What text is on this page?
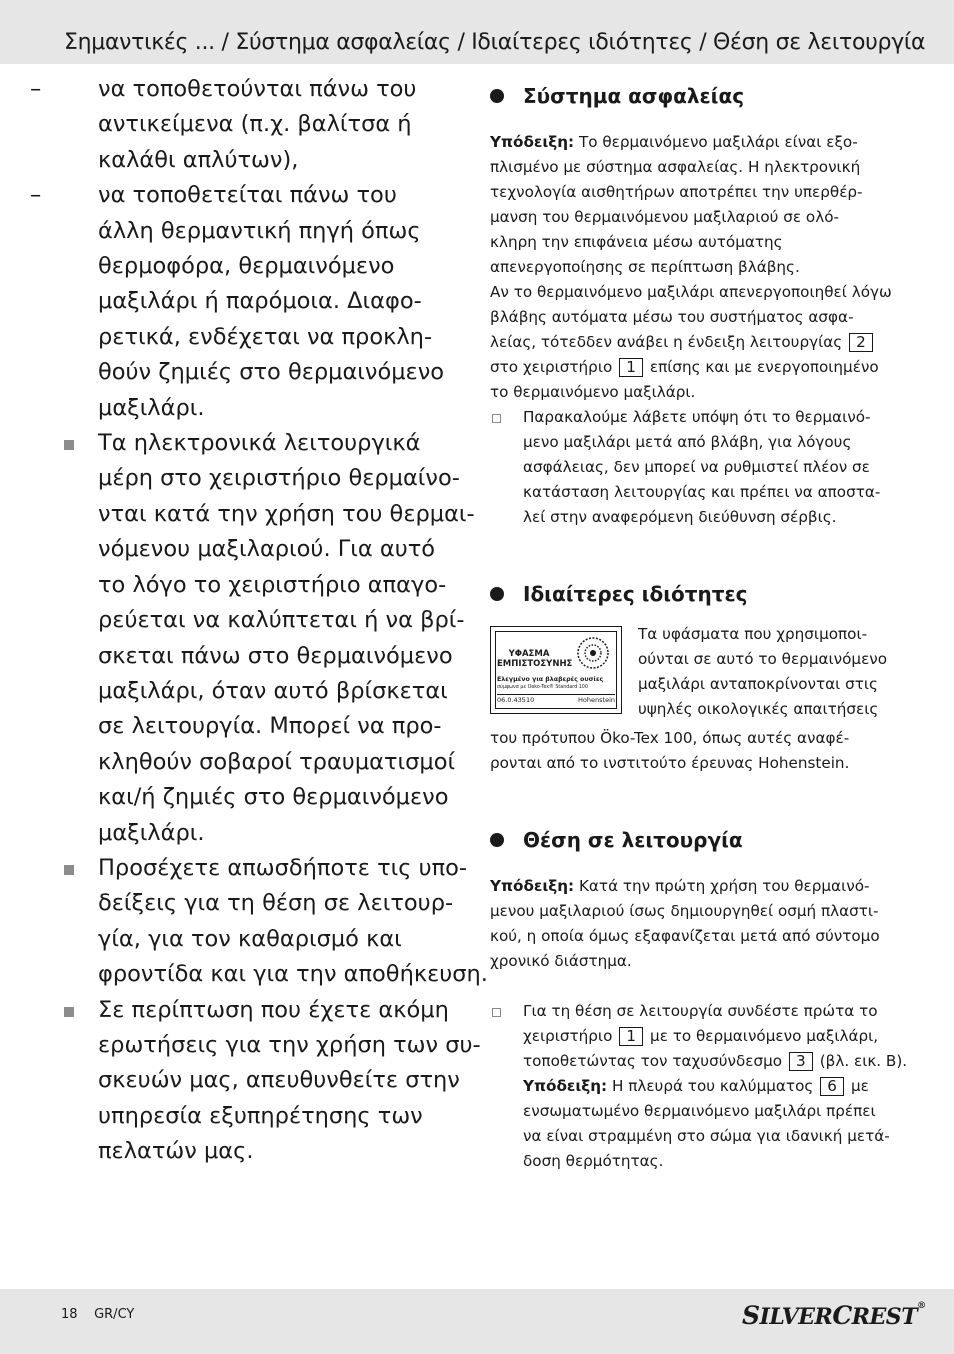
Σημαντικές ... / Σύστημα ασφαλείας / Ιδιαίτερες ιδιότητες / Θέση σε λειτουργία
–	να τοποθετούνται πάνω του
αντικείμενα (π.χ. βαλίτσα ή
καλάθι απλύτων),
–	να τοποθετείται πάνω του
άλλη θερμαντική πηγή όπως
θερμοφόρα, θερμαινόμενο
μαξιλάρι ή παρόμοια. Διαφο-
ρετικά, ενδέχεται να προκλη-
θούν ζημιές στο θερμαινόμενο
μαξιλάρι.
Τα ηλεκτρονικά λειτουργικά
μέρη στο χειριστήριο θερμαίνο-
νται κατά την χρήση του θερμαι-
νόμενου μαξιλαριού. Για αυτό
το λόγο το χειριστήριο απαγο-
ρεύεται να καλύπτεται ή να βρί-
σκεται πάνω στο θερμαινόμενο
μαξιλάρι, όταν αυτό βρίσκεται
σε λειτουργία. Μπορεί να προ-
κληθούν σοβαροί τραυματισμοί
και/ή ζημιές στο θερμαινόμενο
μαξιλάρι.
Προσέχετε απωσδήποτε τις υπο-
δείξεις για τη θέση σε λειτουρ-
γία, για τον καθαρισμό και
φροντίδα και για την αποθήκευση.
Σε περίπτωση που έχετε ακόμη
ερωτήσεις για την χρήση των συ-
σκευών μας, απευθυνθείτε στην
υπηρεσία εξυπηρέτησης των
πελατών μας.
Σύστημα ασφαλείας
Υπόδειξη: Το θερμαινόμενο μαξιλάρι είναι εξο-
πλισμένο με σύστημα ασφαλείας. Η ηλεκτρονική
τεχνολογία αισθητήρων αποτρέπει την υπερθέρ-
μανση του θερμαινόμενου μαξιλαριού σε ολό-
κληρη την επιφάνεια μέσω αυτόματης
απενεργοποίησης σε περίπτωση βλάβης.
Αν το θερμαινόμενο μαξιλάρι απενεργοποιηθεί λόγω
βλάβης αυτόματα μέσω του συστήματος ασφα-
λείας, τότεδδεν ανάβει η ένδειξη λειτουργίας 2
στο χειριστήριο 1 επίσης και με ενεργοποιημένο
το θερμαινόμενο μαξιλάρι.
Παρακαλούμε λάβετε υπόψη ότι το θερμαινό-
μενο μαξιλάρι μετά από βλάβη, για λόγους
ασφάλειας, δεν μπορεί να ρυθμιστεί πλέον σε
κατάσταση λειτουργίας και πρέπει να αποστα-
λεί στην αναφερόμενη διεύθυνση σέρβις.
Ιδιαίτερες ιδιότητες
ΥΦΑΣΜΑ ΕΜΠΙΣΤΟΣΥΝΗΣ
Ελεγμένο για βλαβερές ουσίες
σύμφωνα με Oeko-Tex® Standard 100
06.0.43510	Hohenstein
Τα υφάσματα που χρησιμοποι-
ούνται σε αυτό το θερμαινόμενο
μαξιλάρι ανταποκρίνονται στις
υψηλές οικολογικές απαιτήσεις
του πρότυπου Öko-Tex 100, όπως αυτές αναφέ-
ρονται από το ινστιτούτο έρευνας Hohenstein.
Θέση σε λειτουργία
Υπόδειξη: Κατά την πρώτη χρήση του θερμαινό-
μενου μαξιλαριού ίσως δημιουργηθεί οσμή πλαστι-
κού, η οποία όμως εξαφανίζεται μετά από σύντομο
χρονικό διάστημα.
Για τη θέση σε λειτουργία συνδέστε πρώτα το
χειριστήριο 1 με το θερμαινόμενο μαξιλάρι,
τοποθετώντας τον ταχυσύνδεσμο 3 (βλ. εικ. B).
Υπόδειξη: Η πλευρά του καλύμματος 6 με
ενσωματωμένο θερμαινόμενο μαξιλάρι πρέπει
να είναι στραμμένη στο σώμα για ιδανική μετά-
δοση θερμότητας.
18 GR/CY	SILVERCREST®
